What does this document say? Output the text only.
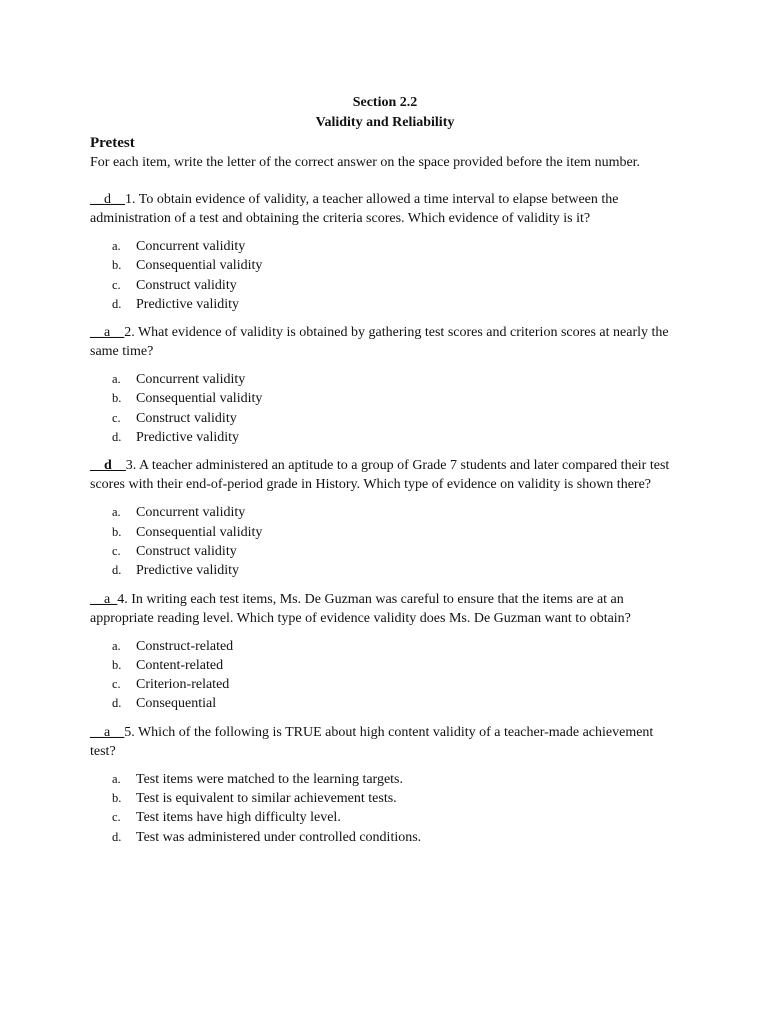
Section 2.2
Validity and Reliability
Pretest

For each item, write the letter of the correct answer on the space provided before the item number.

__d__1. To obtain evidence of validity, a teacher allowed a time interval to elapse between the administration of a test and obtaining the criteria scores. Which evidence of validity is it?

a.	Concurrent validity
b.	Consequential validity
c.	Construct validity
d.	Predictive validity

__a__2. What evidence of validity is obtained by gathering test scores and criterion scores at nearly the same time?

a.	Concurrent validity
b.	Consequential validity
c.	Construct validity
d.	Predictive validity

__d__3. A teacher administered an aptitude to a group of Grade 7 students and later compared their test scores with their end-of-period grade in History. Which type of evidence on validity is shown there?

a.	Concurrent validity
b.	Consequential validity
c.	Construct validity
d.	Predictive validity

__a_4. In writing each test items, Ms. De Guzman was careful to ensure that the items are at an appropriate reading level. Which type of evidence validity does Ms. De Guzman want to obtain?

a.	Construct-related
b.	Content-related
c.	Criterion-related
d.	Consequential

__a__5. Which of the following is TRUE about high content validity of a teacher-made achievement test?

a.	Test items were matched to the learning targets.
b.	Test is equivalent to similar achievement tests.
c.	Test items have high difficulty level.
d.	Test was administered under controlled conditions.
